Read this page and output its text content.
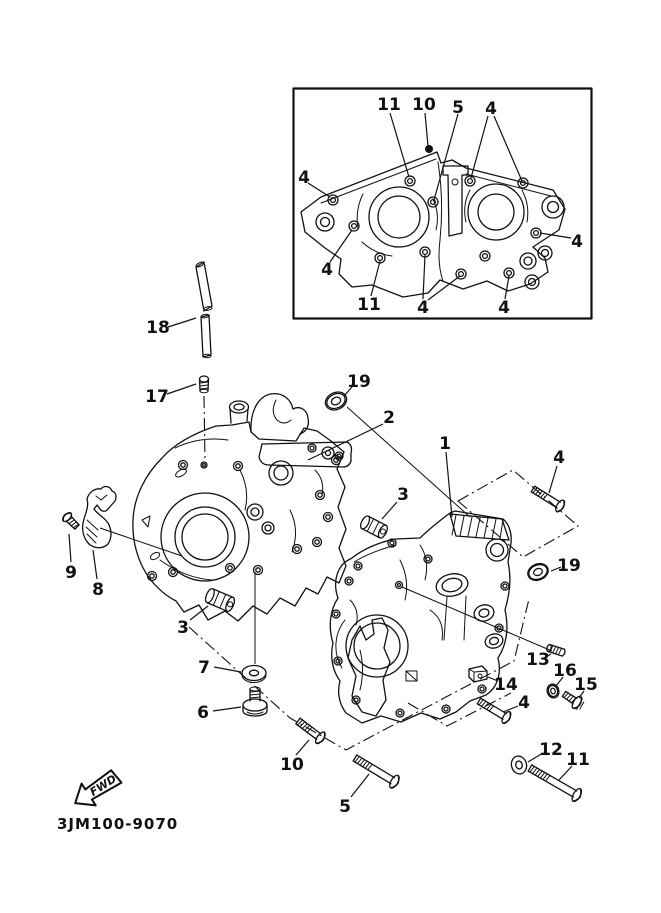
11 10 5 4
4
4
4
11 4	4
18
17
19
2
1
3
9
8
3
7
6
10
5
4
19
13
14
16
15
4
12 11
FWD
3JM100-9070
